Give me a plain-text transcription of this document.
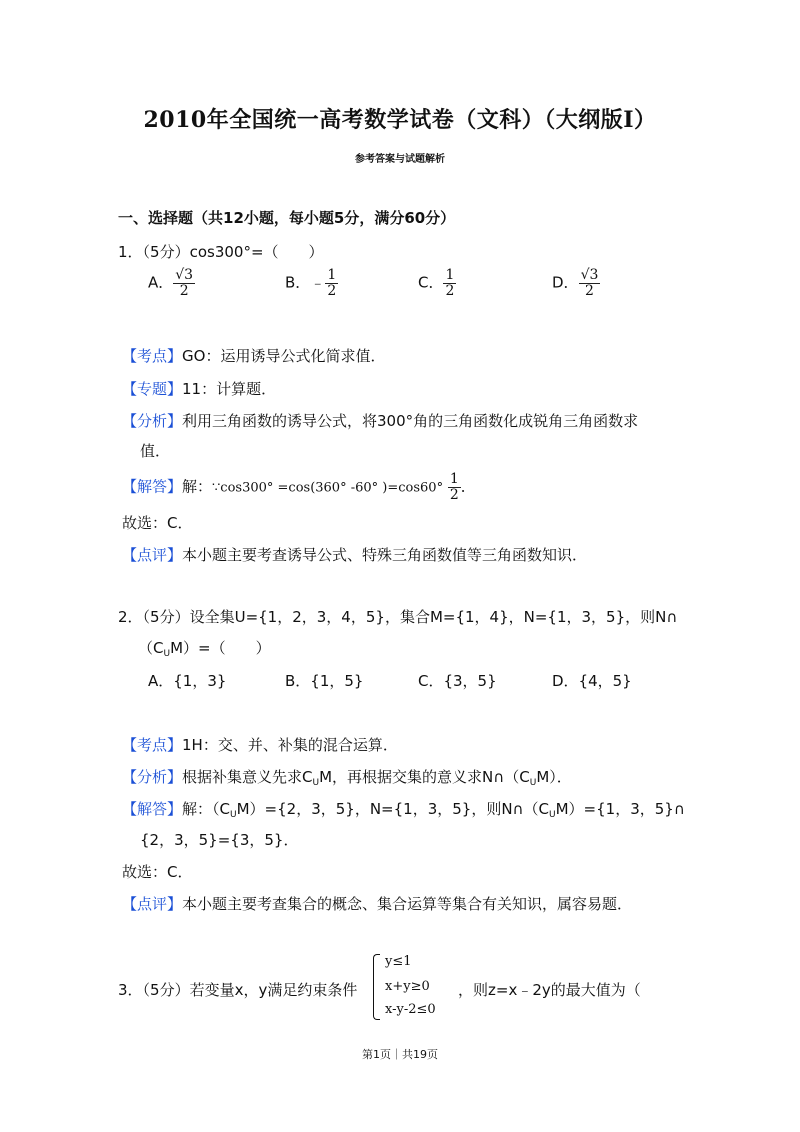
2010年全国统一高考数学试卷（文科）（大纲版Ⅰ）
参考答案与试题解析
一、选择题（共12小题，每小题5分，满分60分）
1．（5分）cos300°=（　　）
A． $\frac{√3}{2}$	B．﹣ $\frac{1}{2}$	C． $\frac{1}{2}$	D． $\frac{√3}{2}$
【考点】GO：运用诱导公式化简求值．
【专题】11：计算题．
【分析】利用三角函数的诱导公式，将300°角的三角函数化成锐角三角函数求
值．
【解答】解：∵cos300° =cos(360° -60° )$=\cos 60^\circ \frac{1}{2}$ ．
故选：C．
【点评】本小题主要考查诱导公式、特殊三角函数值等三角函数知识．
2．（5分）设全集U={1，2，3，4，5}，集合M={1，4}，N={1，3，5}，则N∩
$(C_UM)=$（　　）
A．{1，3}	B．{1，5}	C．{3，5}	D．{4，5}
【考点】1H：交、并、补集的混合运算．
【分析】根据补集意义先求$C_UM$，再根据交集的意义求$N\cap(C_UM)$．
【解答】解：$(C_UM)=\{2$，3，5}，N={1，3，5}，则$N\cap(C_UM)=\{1$，3，5}∩
{2，3，5}={3，5}．
故选：C．
【点评】本小题主要考查集合的概念、集合运算等集合有关知识，属容易题．
3．（5分）若变量x，y满足约束条件
y≤1
x+y≥0
x-y-2≤0
，则z=x﹣2y的最大值为（
第1页｜共19页
